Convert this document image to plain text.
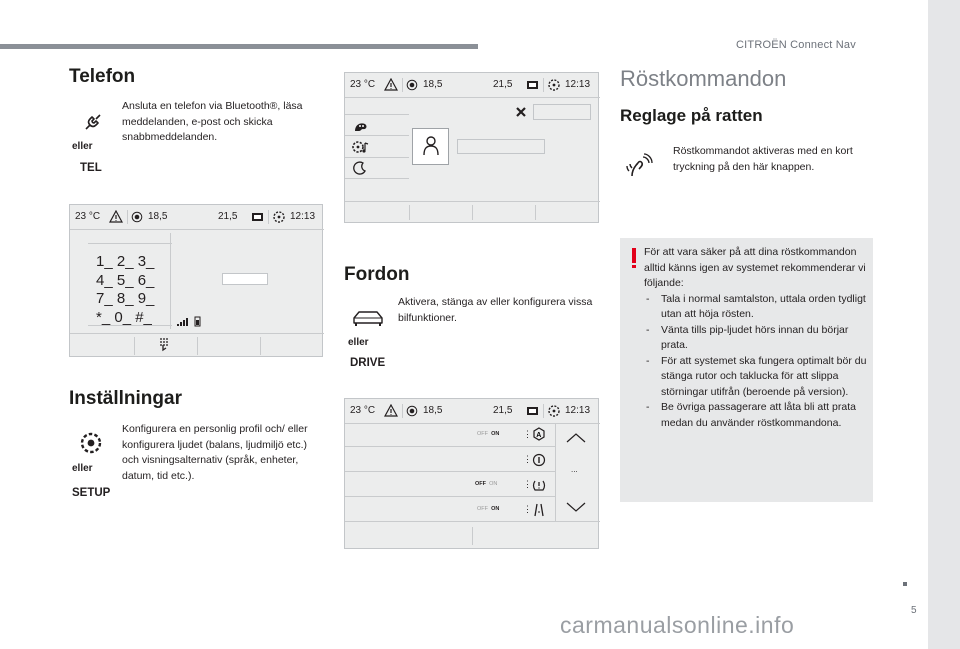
CITROËN Connect Nav
5
carmanualsonline.info
Telefon
eller
TEL
Ansluta en telefon via Bluetooth®, läsa meddelanden, e-post och skicka snabbmeddelanden.
23 °C	18,5	21,5	12:13
1_ 2_ 3_
4_ 5_ 6_
7_ 8_ 9_
*_ 0_ #_
Inställningar
eller
SETUP
Konfigurera en personlig profil och/ eller konfigurera ljudet (balans, ljudmiljö etc.) och visningsalternativ (språk, enheter, datum, tid etc.).
23 °C	18,5	21,5	12:13
Fordon
eller
DRIVE
Aktivera, stänga av eller konfigurera vissa bilfunktioner.
23 °C	18,5	21,5	12:13
OFF ON	⋮ A
⋮
OFF ON	⋮
OFF ON	⋮
...
Röstkommandon
Reglage på ratten
Röstkommandot aktiveras med en kort tryckning på den här knappen.

För att vara säker på att dina röstkommandon alltid känns igen av systemet rekommenderar vi följande:

- Tala i normal samtalston, uttala orden tydligt utan att höja rösten.
- Vänta tills pip-ljudet hörs innan du börjar prata.
- För att systemet ska fungera optimalt bör du stänga rutor och taklucka för att slippa störningar utifrån (beroende på version).
- Be övriga passagerare att låta bli att prata medan du använder röstkommandona.
